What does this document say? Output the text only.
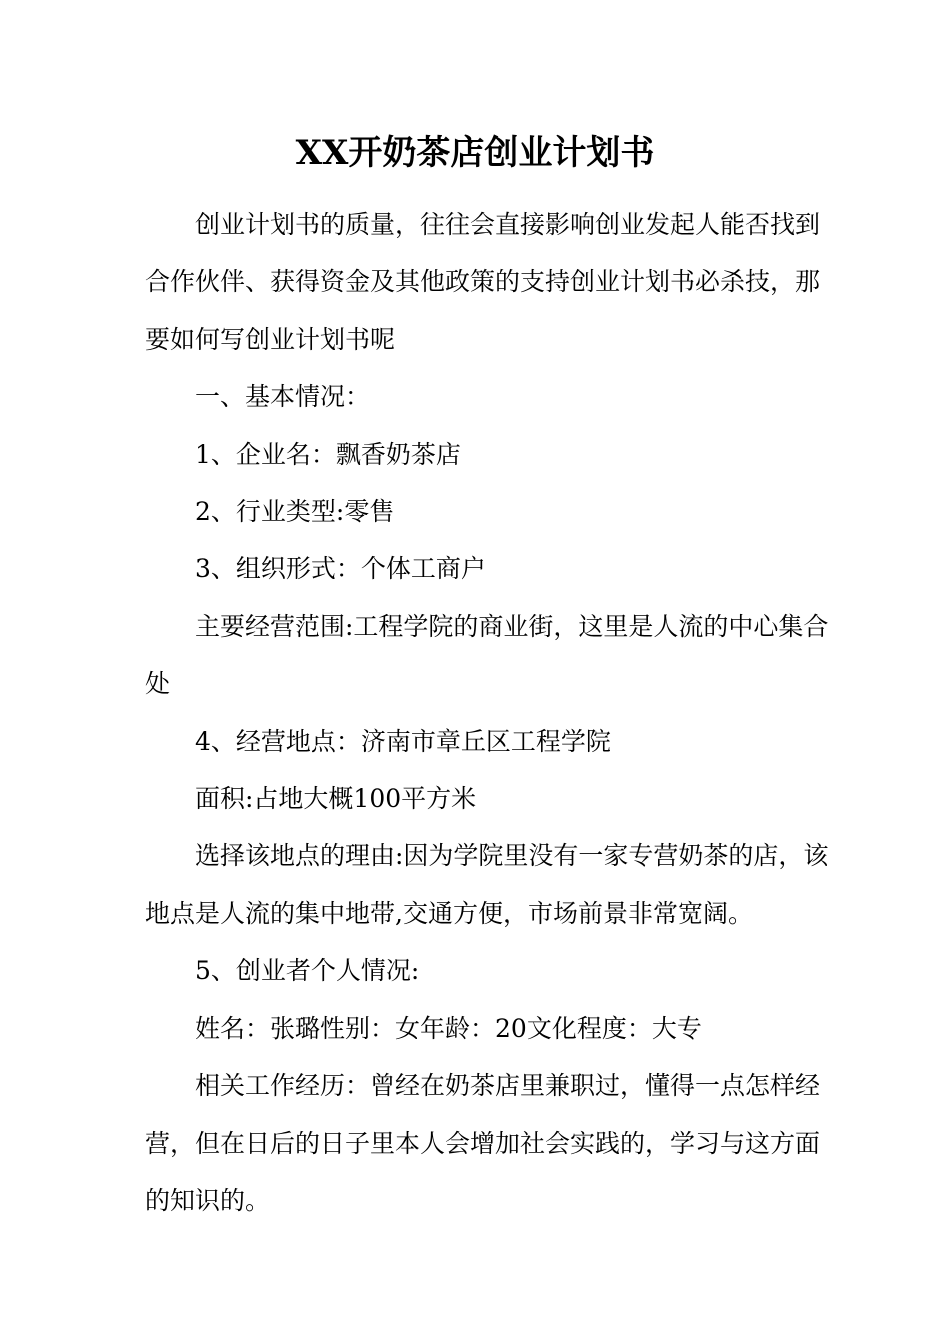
XX开奶茶店创业计划书

创业计划书的质量，往往会直接影响创业发起人能否找到合作伙伴、获得资金及其他政策的支持创业计划书必杀技，那要如何写创业计划书呢

一、基本情况：

1、企业名：飘香奶茶店

2、行业类型:零售

3、组织形式：个体工商户

主要经营范围:工程学院的商业街，这里是人流的中心集合处

4、经营地点：济南市章丘区工程学院

面积:占地大概100平方米

选择该地点的理由:因为学院里没有一家专营奶茶的店，该地点是人流的集中地带,交通方便，市场前景非常宽阔。

5、创业者个人情况:

姓名：张璐性别：女年龄：20文化程度：大专

相关工作经历：曾经在奶茶店里兼职过，懂得一点怎样经营，但在日后的日子里本人会增加社会实践的，学习与这方面的知识的。
